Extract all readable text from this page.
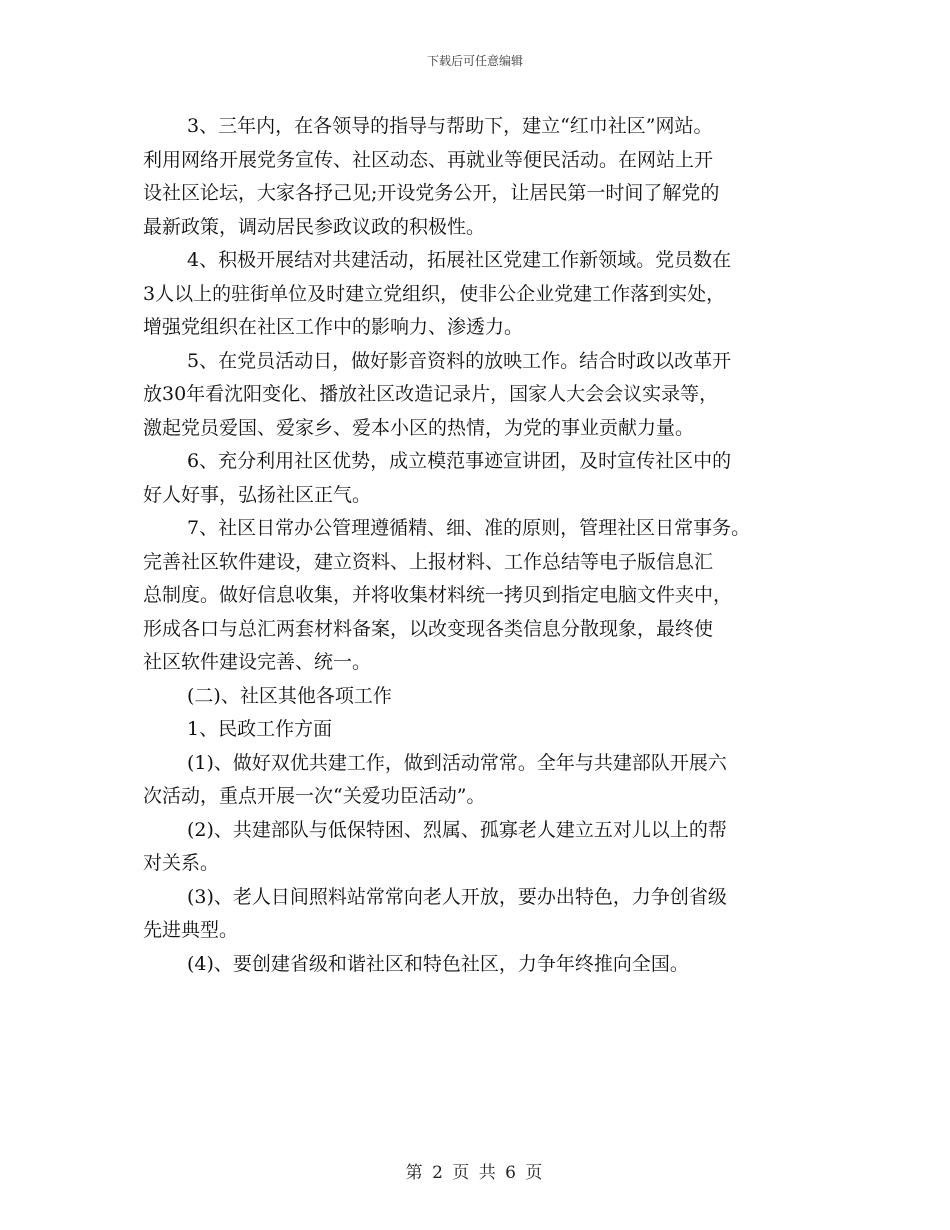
下载后可任意编辑
3、三年内，在各领导的指导与帮助下，建立“红巾社区”网站。
利用网络开展党务宣传、社区动态、再就业等便民活动。在网站上开
设社区论坛，大家各抒己见;开设党务公开，让居民第一时间了解党的
最新政策，调动居民参政议政的积极性。
4、积极开展结对共建活动，拓展社区党建工作新领域。党员数在
3人以上的驻街单位及时建立党组织，使非公企业党建工作落到实处，
增强党组织在社区工作中的影响力、渗透力。
5、在党员活动日，做好影音资料的放映工作。结合时政以改革开
放30年看沈阳变化、播放社区改造记录片，国家人大会会议实录等，
激起党员爱国、爱家乡、爱本小区的热情，为党的事业贡献力量。
6、充分利用社区优势，成立模范事迹宣讲团，及时宣传社区中的
好人好事，弘扬社区正气。
7、社区日常办公管理遵循精、细、准的原则，管理社区日常事务。
完善社区软件建设，建立资料、上报材料、工作总结等电子版信息汇
总制度。做好信息收集，并将收集材料统一拷贝到指定电脑文件夹中，
形成各口与总汇两套材料备案，以改变现各类信息分散现象，最终使
社区软件建设完善、统一。
(二)、社区其他各项工作
1、民政工作方面
(1)、做好双优共建工作，做到活动常常。全年与共建部队开展六
次活动，重点开展一次“关爱功臣活动”。
(2)、共建部队与低保特困、烈属、孤寡老人建立五对儿以上的帮
对关系。
(3)、老人日间照料站常常向老人开放，要办出特色，力争创省级
先进典型。
(4)、要创建省级和谐社区和特色社区，力争年终推向全国。
第 2 页 共 6 页
